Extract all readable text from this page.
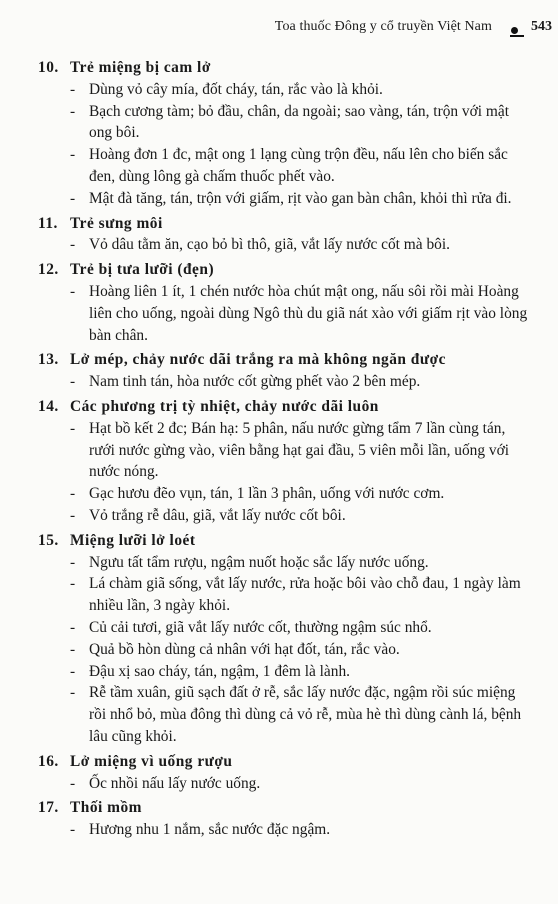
Toa thuốc Đông y cổ truyền Việt Nam	543
10. Trẻ miệng bị cam lở
- Dùng vỏ cây mía, đốt cháy, tán, rắc vào là khỏi.
- Bạch cương tàm; bỏ đầu, chân, da ngoài; sao vàng, tán, trộn với mật ong bôi.
- Hoàng đơn 1 đc, mật ong 1 lạng cùng trộn đều, nấu lên cho biến sắc đen, dùng lông gà chấm thuốc phết vào.
- Mật đà tăng, tán, trộn với giấm, rịt vào gan bàn chân, khỏi thì rửa đi.
11. Trẻ sưng môi
- Vỏ dâu tằm ăn, cạo bỏ bì thô, giã, vắt lấy nước cốt mà bôi.
12. Trẻ bị tưa lưỡi (đẹn)
- Hoàng liên 1 ít, 1 chén nước hòa chút mật ong, nấu sôi rồi mài Hoàng liên cho uống, ngoài dùng Ngô thù du giã nát xào với giấm rịt vào lòng bàn chân.
13. Lở mép, chảy nước dãi trắng ra mà không ngăn được
- Nam tinh tán, hòa nước cốt gừng phết vào 2 bên mép.
14. Các phương trị tỳ nhiệt, chảy nước dãi luôn
- Hạt bồ kết 2 đc; Bán hạ: 5 phân, nấu nước gừng tẩm 7 lần cùng tán, rưới nước gừng vào, viên bằng hạt gai đầu, 5 viên mỗi lần, uống với nước nóng.
- Gạc hươu đẽo vụn, tán, 1 lần 3 phân, uống với nước cơm.
- Vỏ trắng rễ dâu, giã, vắt lấy nước cốt bôi.
15. Miệng lưỡi lở loét
- Ngưu tất tẩm rượu, ngậm nuốt hoặc sắc lấy nước uống.
- Lá chàm giã sống, vắt lấy nước, rửa hoặc bôi vào chỗ đau, 1 ngày làm nhiều lần, 3 ngày khỏi.
- Củ cải tươi, giã vắt lấy nước cốt, thường ngậm súc nhổ.
- Quả bồ hòn dùng cả nhân với hạt đốt, tán, rắc vào.
- Đậu xị sao cháy, tán, ngậm, 1 đêm là lành.
- Rễ tầm xuân, giũ sạch đất ở rễ, sắc lấy nước đặc, ngậm rồi súc miệng rồi nhổ bỏ, mùa đông thì dùng cả vỏ rễ, mùa hè thì dùng cành lá, bệnh lâu cũng khỏi.
16. Lở miệng vì uống rượu
- Ốc nhồi nấu lấy nước uống.
17. Thối mồm
- Hương nhu 1 nắm, sắc nước đặc ngậm.
